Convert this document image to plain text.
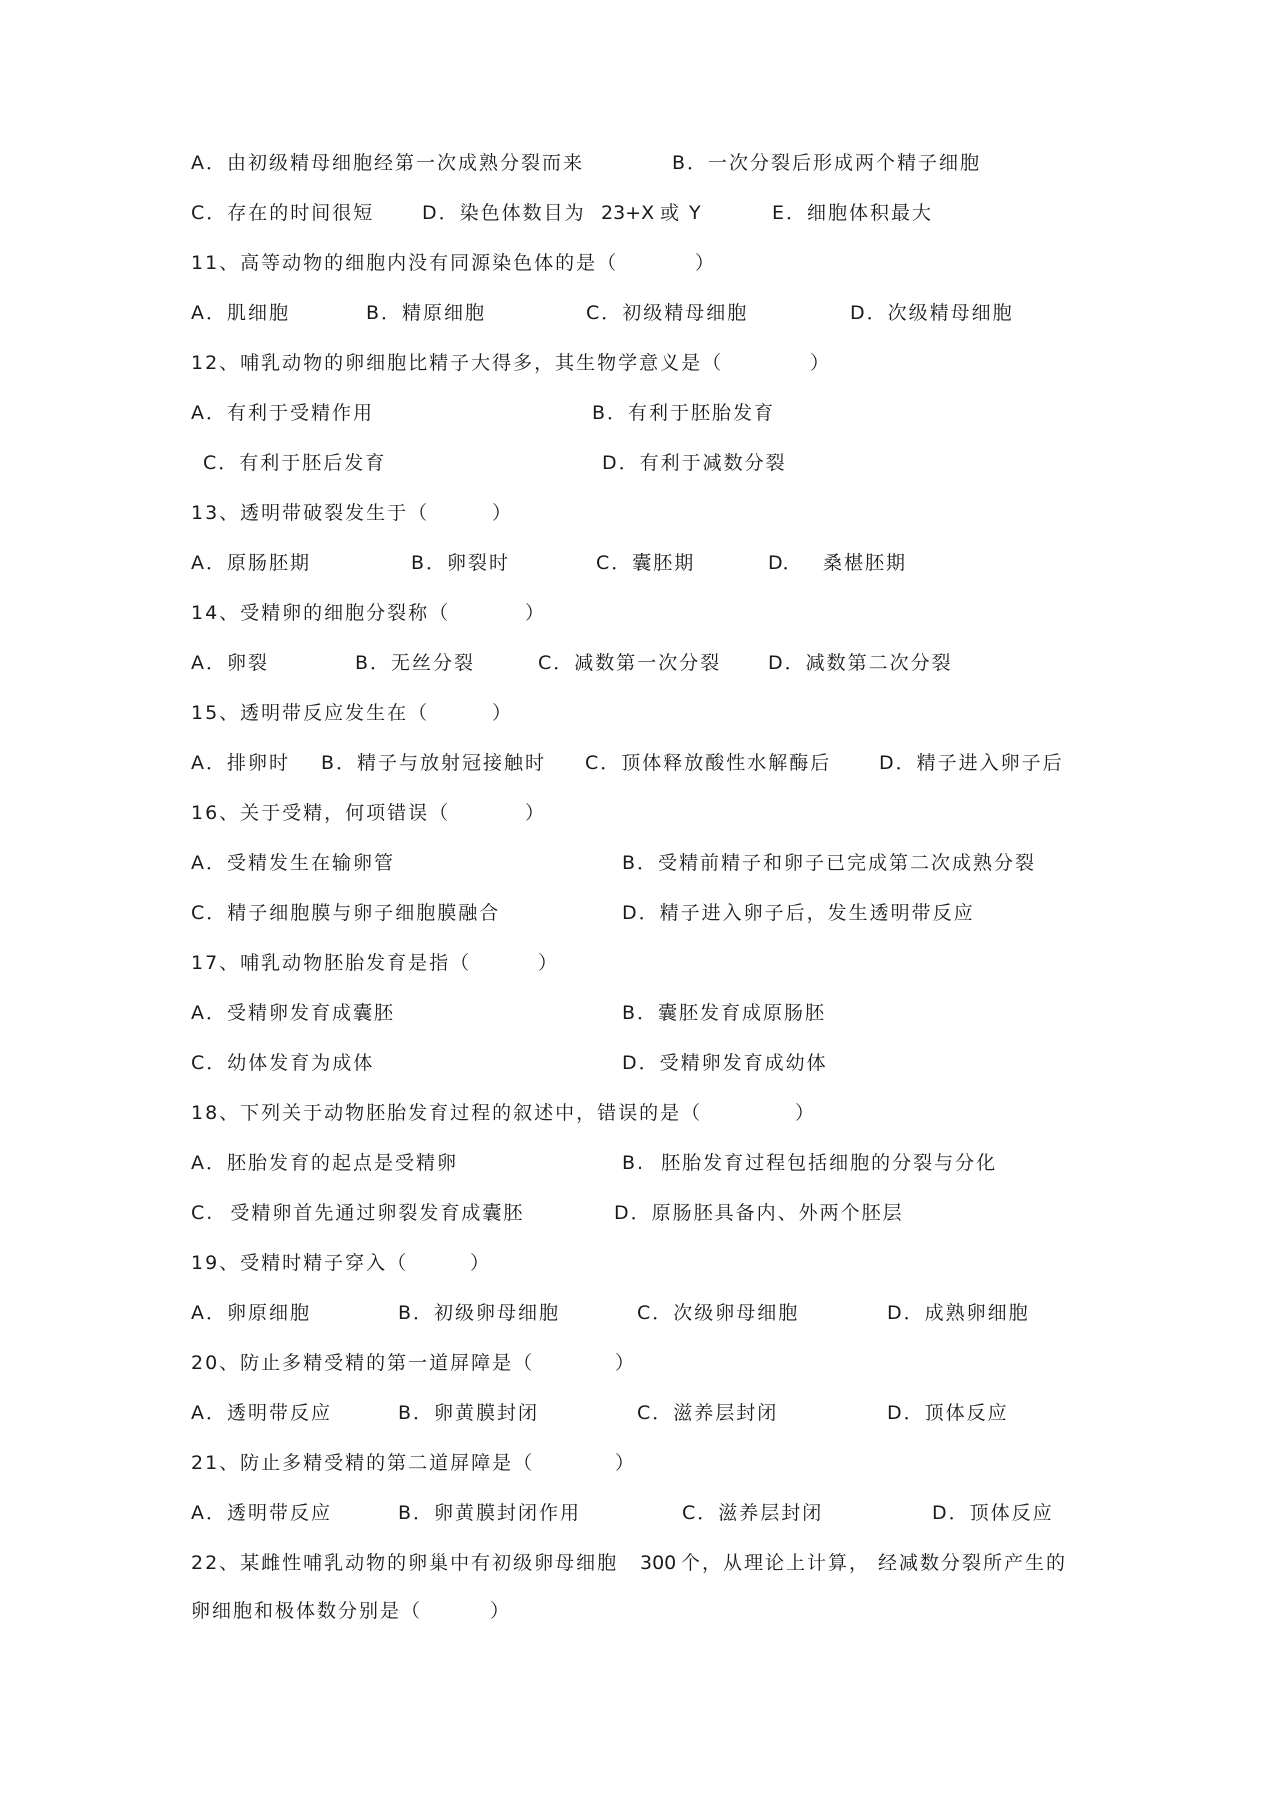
A．由初级精母细胞经第一次成熟分裂而来	B．一次分裂后形成两个精子细胞
C．存在的时间很短	D．染色体数目为 23+X 或 Y	E．细胞体积最大
11、高等动物的细胞内没有同源染色体的是（	）
A．肌细胞	B．精原细胞	C．初级精母细胞	D．次级精母细胞
12、哺乳动物的卵细胞比精子大得多，其生物学意义是（	）
A．有利于受精作用	B．有利于胚胎发育
C．有利于胚后发育	D．有利于减数分裂
13、透明带破裂发生于（	）
A．原肠胚期	B．卵裂时	C．囊胚期	D． 桑椹胚期
14、受精卵的细胞分裂称（	）
A．卵裂	B．无丝分裂	C．减数第一次分裂 D．减数第二次分裂
15、透明带反应发生在（	）
A．排卵时 B．精子与放射冠接触时 C．顶体释放酸性水解酶后	D．精子进入卵子后
16、关于受精，何项错误（	）
A．受精发生在输卵管	B．受精前精子和卵子已完成第二次成熟分裂
C．精子细胞膜与卵子细胞膜融合	D．精子进入卵子后，发生透明带反应
17、哺乳动物胚胎发育是指（	）
A．受精卵发育成囊胚	B．囊胚发育成原肠胚
C．幼体发育为成体	D．受精卵发育成幼体
18、下列关于动物胚胎发育过程的叙述中，错误的是（	）
A．胚胎发育的起点是受精卵	B.  胚胎发育过程包括细胞的分裂与分化
C.  受精卵首先通过卵裂发育成囊胚	D．原肠胚具备内、外两个胚层
19、受精时精子穿入（	）
A．卵原细胞	B．初级卵母细胞	C．次级卵母细胞	D．成熟卵细胞
20、防止多精受精的第一道屏障是（	）
A．透明带反应	B．卵黄膜封闭	C．滋养层封闭	D．顶体反应
21、防止多精受精的第二道屏障是（	）
A．透明带反应	B．卵黄膜封闭作用	C．滋养层封闭	D．顶体反应
22、某雌性哺乳动物的卵巢中有初级卵母细胞 300 个，从理论上计算， 经减数分裂所产生的
卵细胞和极体数分别是（	）
